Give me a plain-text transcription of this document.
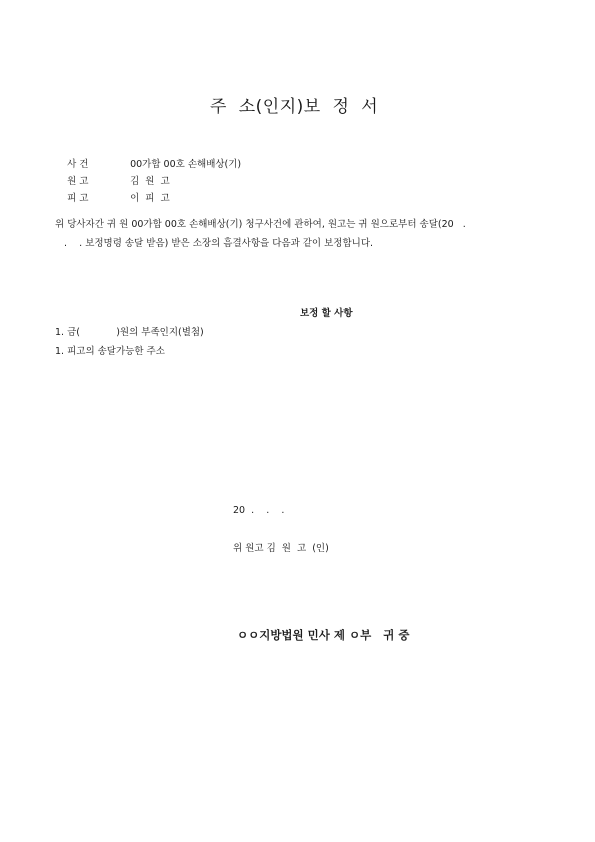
주  소(인지)보  정  서

사 건	00가합 00호 손해배상(기)

원 고	김  원  고

피 고	이  피  고

위 당사자간 귀 원 00가합 00호 손해배상(기) 청구사건에 관하여, 원고는 귀 원으로부터 송달(20   .
.    . 보정명령 송달 받음) 받은 소장의 흠결사항을 다음과 같이 보정합니다.
보정 할 사항
1. 금(            )원의 부족인지(별첨)
1. 피고의 송달가능한 주소
20  .    .    .
위 원고 김  원  고  (인)
ㅇㅇ지방법원 민사 제 ㅇ부   귀 중
